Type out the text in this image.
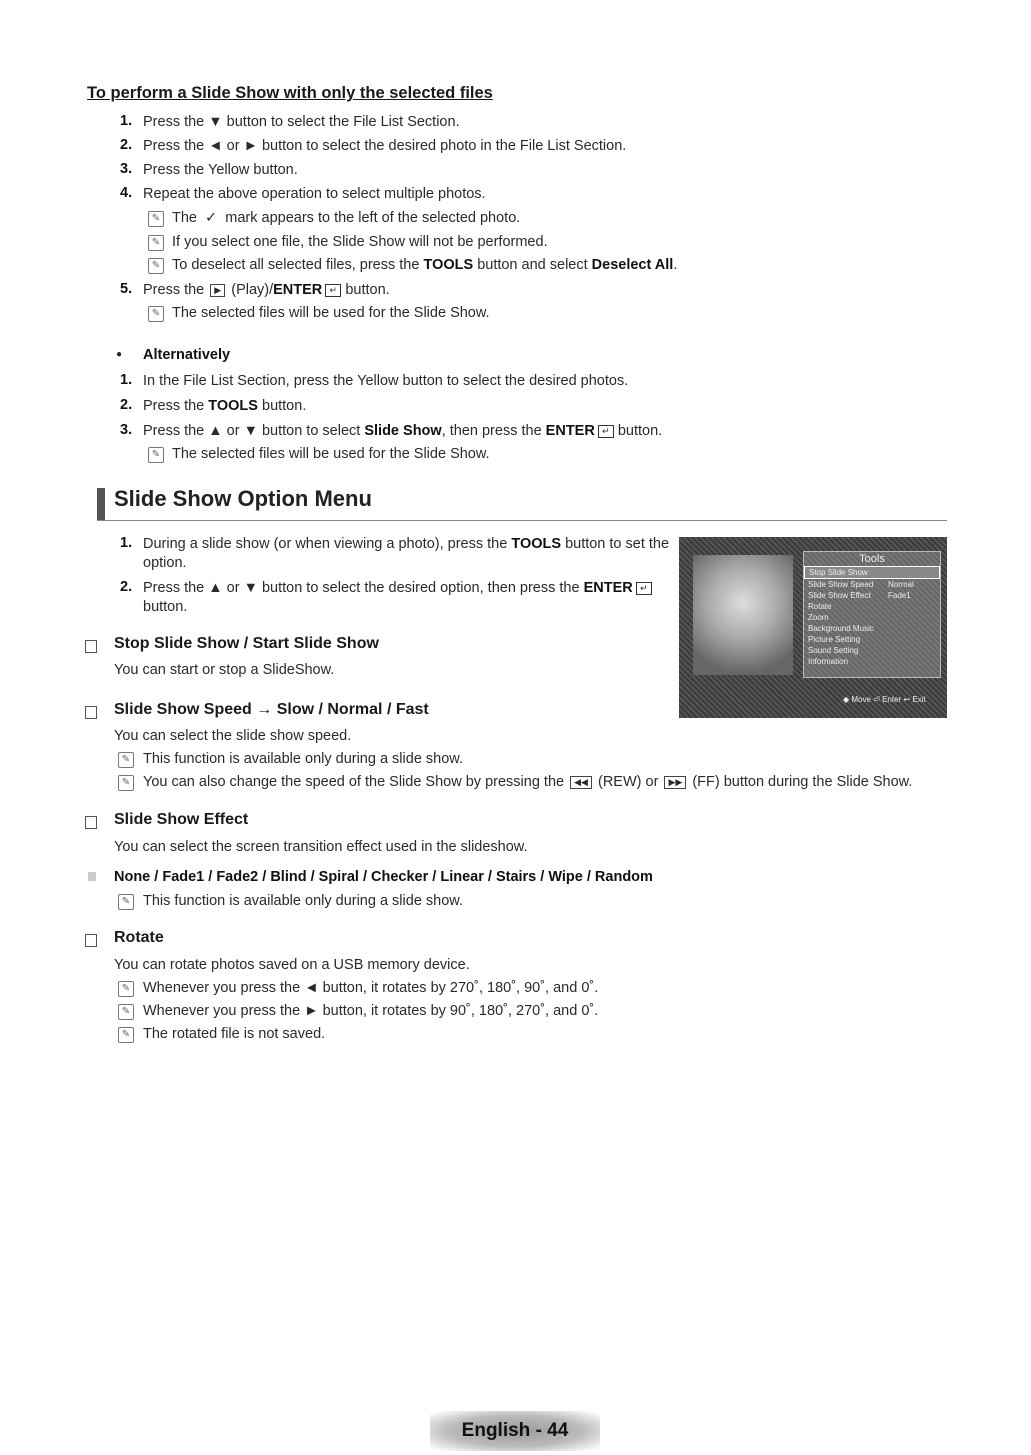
To perform a Slide Show with only the selected files
1. Press the ▼ button to select the File List Section.
2. Press the ◄ or ► button to select the desired photo in the File List Section.
3. Press the Yellow button.
4. Repeat the above operation to select multiple photos.
✎ The  ✓  mark appears to the left of the selected photo.
✎ If you select one file, the Slide Show will not be performed.
✎ To deselect all selected files, press the TOOLS button and select Deselect All.
5. Press the ▶ (Play)/ENTER ↵ button.
✎ The selected files will be used for the Slide Show.
● Alternatively
1. In the File List Section, press the Yellow button to select the desired photos.
2. Press the TOOLS button.
3. Press the ▲ or ▼ button to select Slide Show, then press the ENTER ↵ button.
✎ The selected files will be used for the Slide Show.
Slide Show Option Menu
1. During a slide show (or when viewing a photo), press the TOOLS button to set the
option.
2. Press the ▲ or ▼ button to select the desired option, then press the ENTER ↵
button.
Tools
Stop Slide Show
Slide Show Speed Normal
Slide Show Effect Fade1
Rotate
Zoom
Background Music
Picture Setting
Sound Setting
Information
◆ Move ⏎ Enter ↩ Exit
Stop Slide Show / Start Slide Show
You can start or stop a SlideShow.
Slide Show Speed → Slow / Normal / Fast
You can select the slide show speed.
✎ This function is available only during a slide show.
✎ You can also change the speed of the Slide Show by pressing the ◀◀ (REW) or ▶▶ (FF) button during the Slide Show.
Slide Show Effect
You can select the screen transition effect used in the slideshow.
None / Fade1 / Fade2 / Blind / Spiral / Checker / Linear / Stairs / Wipe / Random
✎ This function is available only during a slide show.
Rotate
You can rotate photos saved on a USB memory device.
✎ Whenever you press the ◄ button, it rotates by 270˚, 180˚, 90˚, and 0˚.
✎ Whenever you press the ► button, it rotates by 90˚, 180˚, 270˚, and 0˚.
✎ The rotated file is not saved.
English - 44
